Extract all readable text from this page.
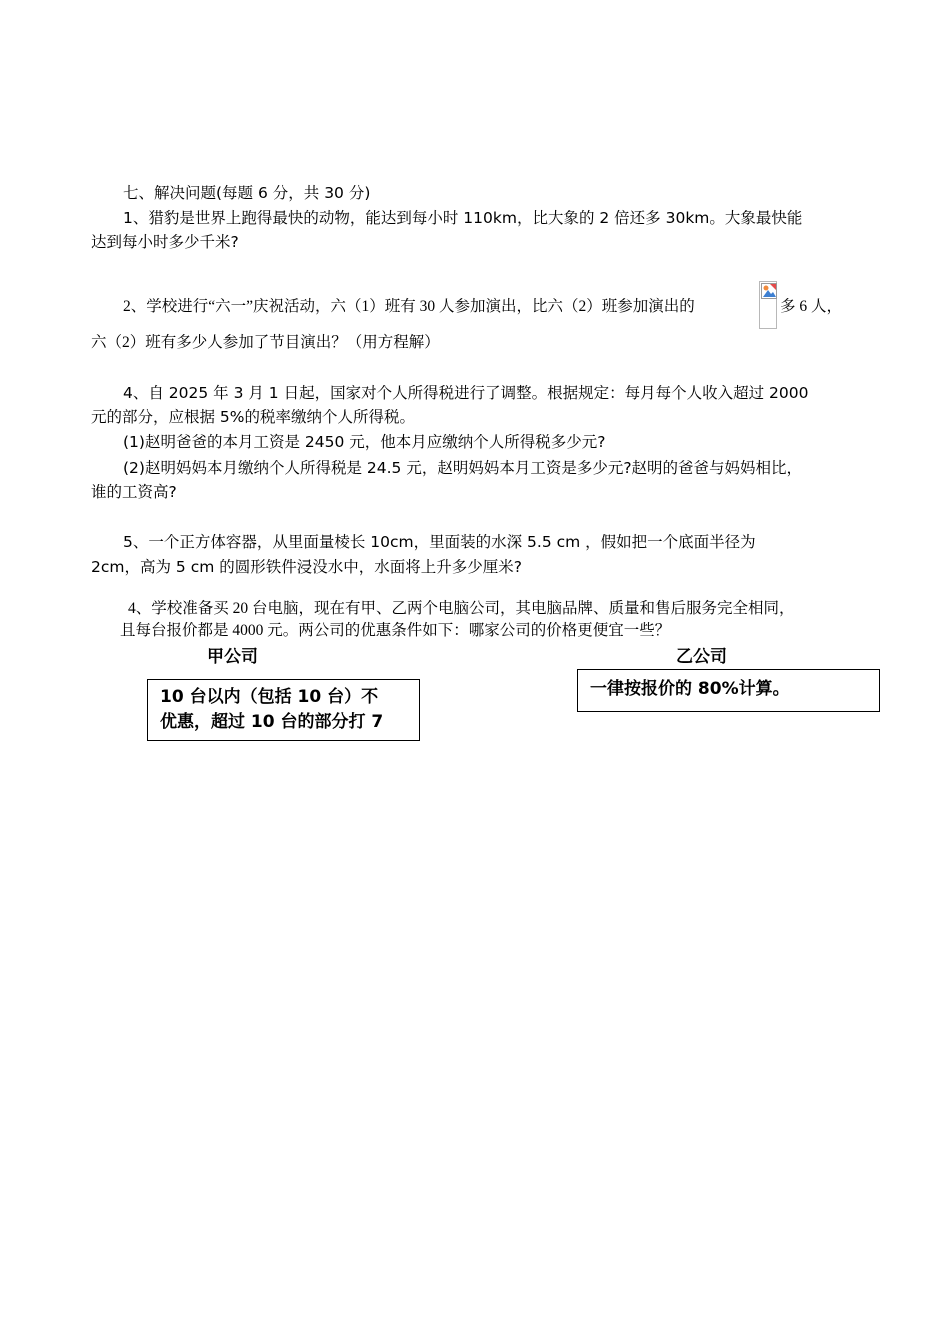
七、解决问题(每题 6 分，共 30 分)
1、猎豹是世界上跑得最快的动物，能达到每小时 110km，比大象的 2 倍还多 30km。大象最快能
达到每小时多少千米?
2、学校进行“六一”庆祝活动，六（1）班有 30 人参加演出，比六（2）班参加演出的	多 6 人，
六（2）班有多少人参加了节目演出？（用方程解）
4、自 2025 年 3 月 1 日起，国家对个人所得税进行了调整。根据规定：每月每个人收入超过 2000
元的部分，应根据 5%的税率缴纳个人所得税。
(1)赵明爸爸的本月工资是 2450 元，他本月应缴纳个人所得税多少元?
(2)赵明妈妈本月缴纳个人所得税是 24.5 元，赵明妈妈本月工资是多少元?赵明的爸爸与妈妈相比，
谁的工资高?
5、一个正方体容器，从里面量棱长 10cm，里面装的水深 5.5 cm ，假如把一个底面半径为
2cm，高为 5 cm 的圆形铁件浸没水中，水面将上升多少厘米?
4、学校准备买 20 台电脑，现在有甲、乙两个电脑公司，其电脑品牌、质量和售后服务完全相同，
且每台报价都是 4000 元。两公司的优惠条件如下：哪家公司的价格更便宜一些？
甲公司	乙公司
10 台以内（包括 10 台）不
优惠，超过 10 台的部分打 7
一律按报价的 80%计算。
